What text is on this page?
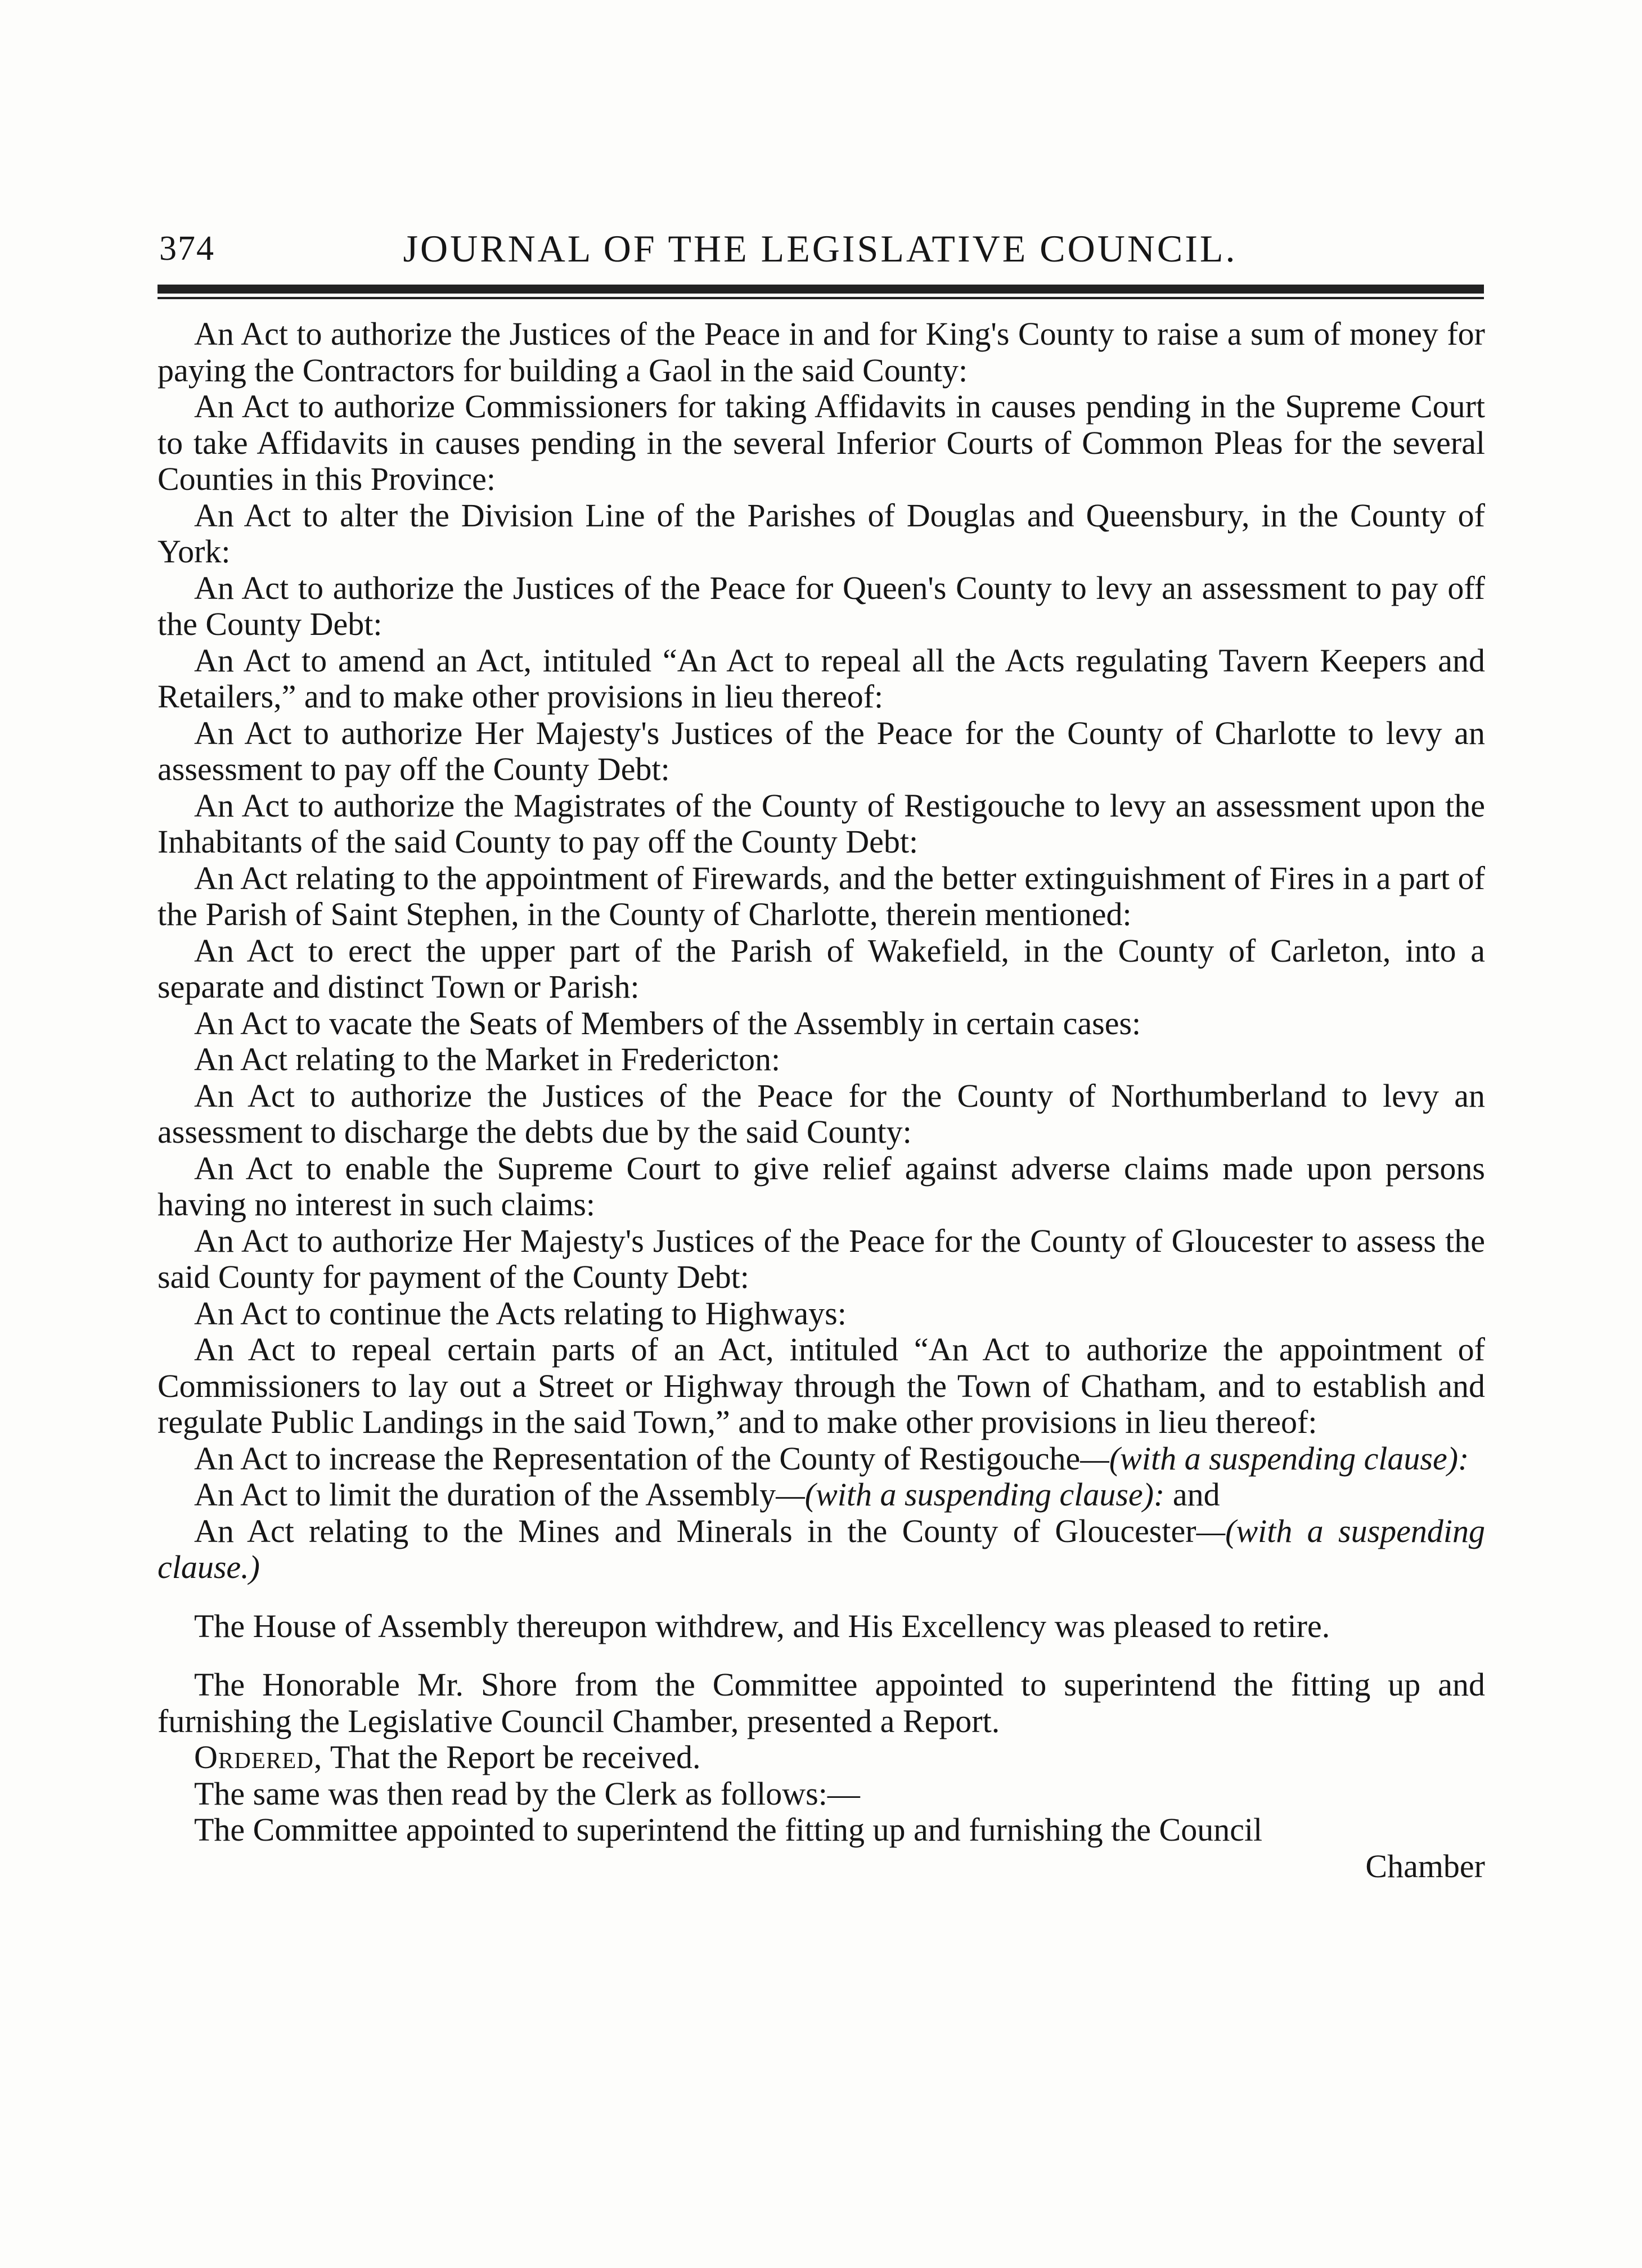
374	JOURNAL OF THE LEGISLATIVE COUNCIL.

An Act to authorize the Justices of the Peace in and for King's County to raise a sum of money for paying the Contractors for building a Gaol in the said County:

An Act to authorize Commissioners for taking Affidavits in causes pending in the Supreme Court to take Affidavits in causes pending in the several Inferior Courts of Common Pleas for the several Counties in this Province:

An Act to alter the Division Line of the Parishes of Douglas and Queensbury, in the County of York:

An Act to authorize the Justices of the Peace for Queen's County to levy an assessment to pay off the County Debt:

An Act to amend an Act, intituled “An Act to repeal all the Acts regulating Tavern Keepers and Retailers,” and to make other provisions in lieu thereof:

An Act to authorize Her Majesty's Justices of the Peace for the County of Charlotte to levy an assessment to pay off the County Debt:

An Act to authorize the Magistrates of the County of Restigouche to levy an assessment upon the Inhabitants of the said County to pay off the County Debt:

An Act relating to the appointment of Firewards, and the better extinguishment of Fires in a part of the Parish of Saint Stephen, in the County of Charlotte, therein mentioned:

An Act to erect the upper part of the Parish of Wakefield, in the County of Carleton, into a separate and distinct Town or Parish:

An Act to vacate the Seats of Members of the Assembly in certain cases:

An Act relating to the Market in Fredericton:

An Act to authorize the Justices of the Peace for the County of Northumberland to levy an assessment to discharge the debts due by the said County:

An Act to enable the Supreme Court to give relief against adverse claims made upon persons having no interest in such claims:

An Act to authorize Her Majesty's Justices of the Peace for the County of Gloucester to assess the said County for payment of the County Debt:

An Act to continue the Acts relating to Highways:

An Act to repeal certain parts of an Act, intituled “An Act to authorize the appointment of Commissioners to lay out a Street or Highway through the Town of Chatham, and to establish and regulate Public Landings in the said Town,” and to make other provisions in lieu thereof:

An Act to increase the Representation of the County of Restigouche—(with a suspending clause):

An Act to limit the duration of the Assembly—(with a suspending clause): and

An Act relating to the Mines and Minerals in the County of Gloucester—(with a suspending clause.)

The House of Assembly thereupon withdrew, and His Excellency was pleased to retire.

The Honorable Mr. Shore from the Committee appointed to superintend the fitting up and furnishing the Legislative Council Chamber, presented a Report.

Ordered, That the Report be received.

The same was then read by the Clerk as follows:—

The Committee appointed to superintend the fitting up and furnishing the Council

Chamber
